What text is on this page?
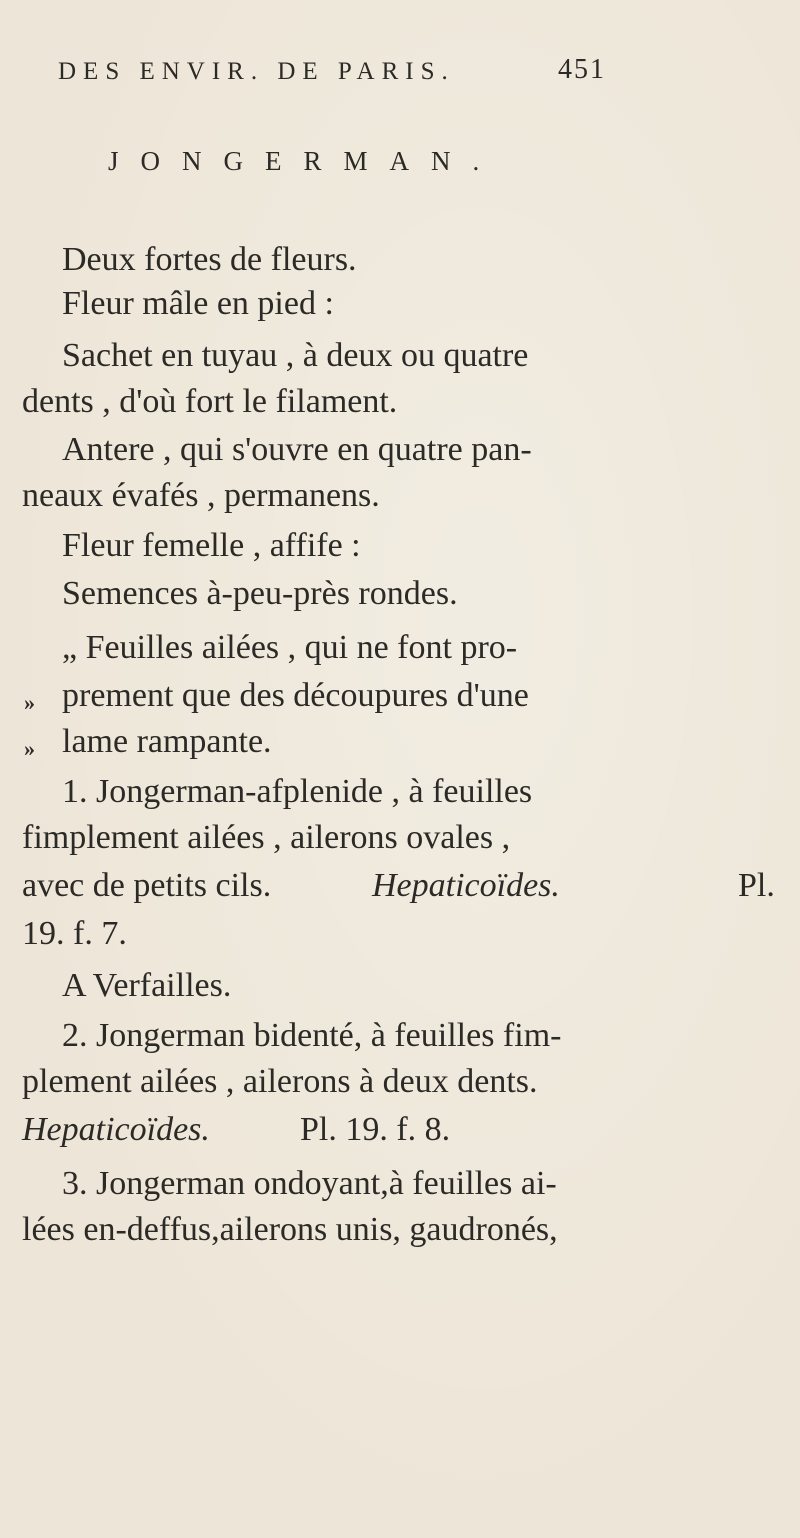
DES ENVIR. DE PARIS.	451
JONGERMAN.
Deux fortes de fleurs.
Fleur mâle en pied :
Sachet en tuyau , à deux ou quatre
dents , d'où fort le filament.
Antere , qui s'ouvre en quatre pan-
neaux évafés , permanens.
Fleur femelle , affife :
Semences à-peu-près rondes.
„ Feuilles ailées , qui ne font pro-
» prement que des découpures d'une
» lame rampante.
1. Jongerman-afplenide , à feuilles
fimplement ailées , ailerons ovales ,
avec de petits cils.	Hepaticoïdes.	Pl.
19. f. 7.
A Verfailles.
2. Jongerman bidenté, à feuilles fim-
plement ailées , ailerons à deux dents.
Hepaticoïdes.	Pl. 19. f. 8.
3. Jongerman ondoyant,à feuilles ai-
lées en-deffus,ailerons unis, gaudronés,
